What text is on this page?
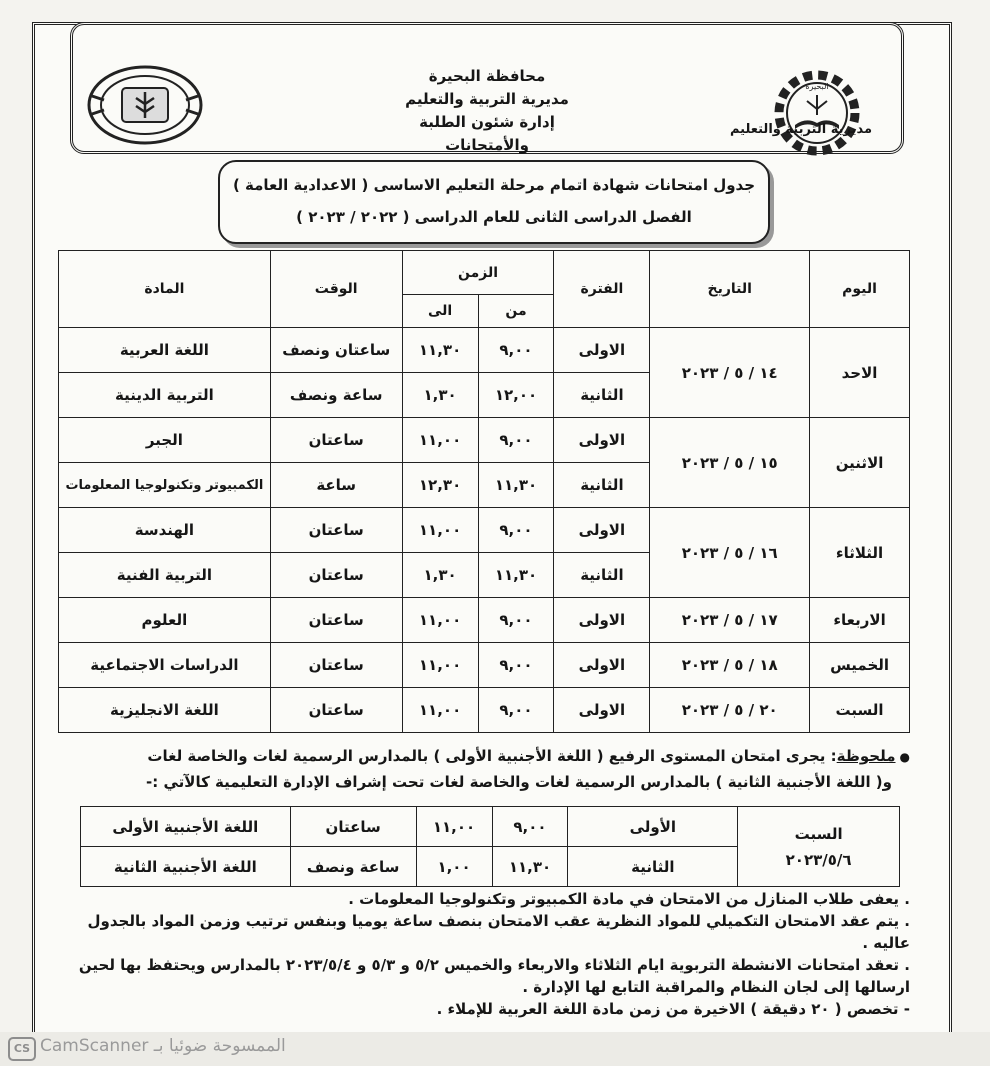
محافظة البحيرة
مديرية التربية والتعليم
إدارة شئون الطلبة والأمتحانات
البحيرة
مديرية التربية والتعليم
جدول امتحانات شهادة اتمام مرحلة التعليم الاساسى ( الاعدادية العامة )
الفصل الدراسى الثانى للعام الدراسى ( ٢٠٢٢ / ٢٠٢٣ )
اليوم	التاريخ	الفترة	الزمن		الوقت	المادة
			من	الى		
الاحد	١٤ / ٥ / ٢٠٢٣	الاولى	٩,٠٠	١١,٣٠	ساعتان ونصف	اللغة العربية
		الثانية	١٢,٠٠	١,٣٠	ساعة ونصف	التربية الدينية
الاثنين	١٥ / ٥ / ٢٠٢٣	الاولى	٩,٠٠	١١,٠٠	ساعتان	الجبر
		الثانية	١١,٣٠	١٢,٣٠	ساعة	الكمبيوتر وتكنولوجيا المعلومات
الثلاثاء	١٦ / ٥ / ٢٠٢٣	الاولى	٩,٠٠	١١,٠٠	ساعتان	الهندسة
		الثانية	١١,٣٠	١,٣٠	ساعتان	التربية الفنية
الاربعاء	١٧ / ٥ / ٢٠٢٣	الاولى	٩,٠٠	١١,٠٠	ساعتان	العلوم
الخميس	١٨ / ٥ / ٢٠٢٣	الاولى	٩,٠٠	١١,٠٠	ساعتان	الدراسات الاجتماعية
السبت	٢٠ / ٥ / ٢٠٢٣	الاولى	٩,٠٠	١١,٠٠	ساعتان	اللغة الانجليزية
●ملحوظة: يجرى امتحان المستوى الرفيع ( اللغة الأجنبية الأولى ) بالمدارس الرسمية لغات والخاصة لغات
و( اللغة الأجنبية الثانية ) بالمدارس الرسمية لغات والخاصة لغات تحت إشراف الإدارة التعليمية كالآتي :-
السبت
٢٠٢٣/٥/٦	الأولى	٩,٠٠	١١,٠٠	ساعتان	اللغة الأجنبية الأولى
	الثانية	١١,٣٠	١,٠٠	ساعة ونصف	اللغة الأجنبية الثانية
. يعفى طلاب المنازل من الامتحان في مادة الكمبيوتر وتكنولوجيا المعلومات .
. يتم عقد الامتحان التكميلي للمواد النظرية عقب الامتحان بنصف ساعة يوميا وبنفس ترتيب وزمن المواد بالجدول عاليه .
. تعقد امتحانات الانشطة التربوية ايام الثلاثاء والاربعاء والخميس ٥/٢ و ٥/٣ و ٢٠٢٣/٥/٤ بالمدارس ويحتفظ بها لحين
ارسالها إلى لجان النظام والمراقبة التابع لها الإدارة .
- تخصص ( ٢٠ دقيقة ) الاخيرة من زمن مادة اللغة العربية للإملاء .
CS الممسوحة ضوئيا بـ CamScanner
